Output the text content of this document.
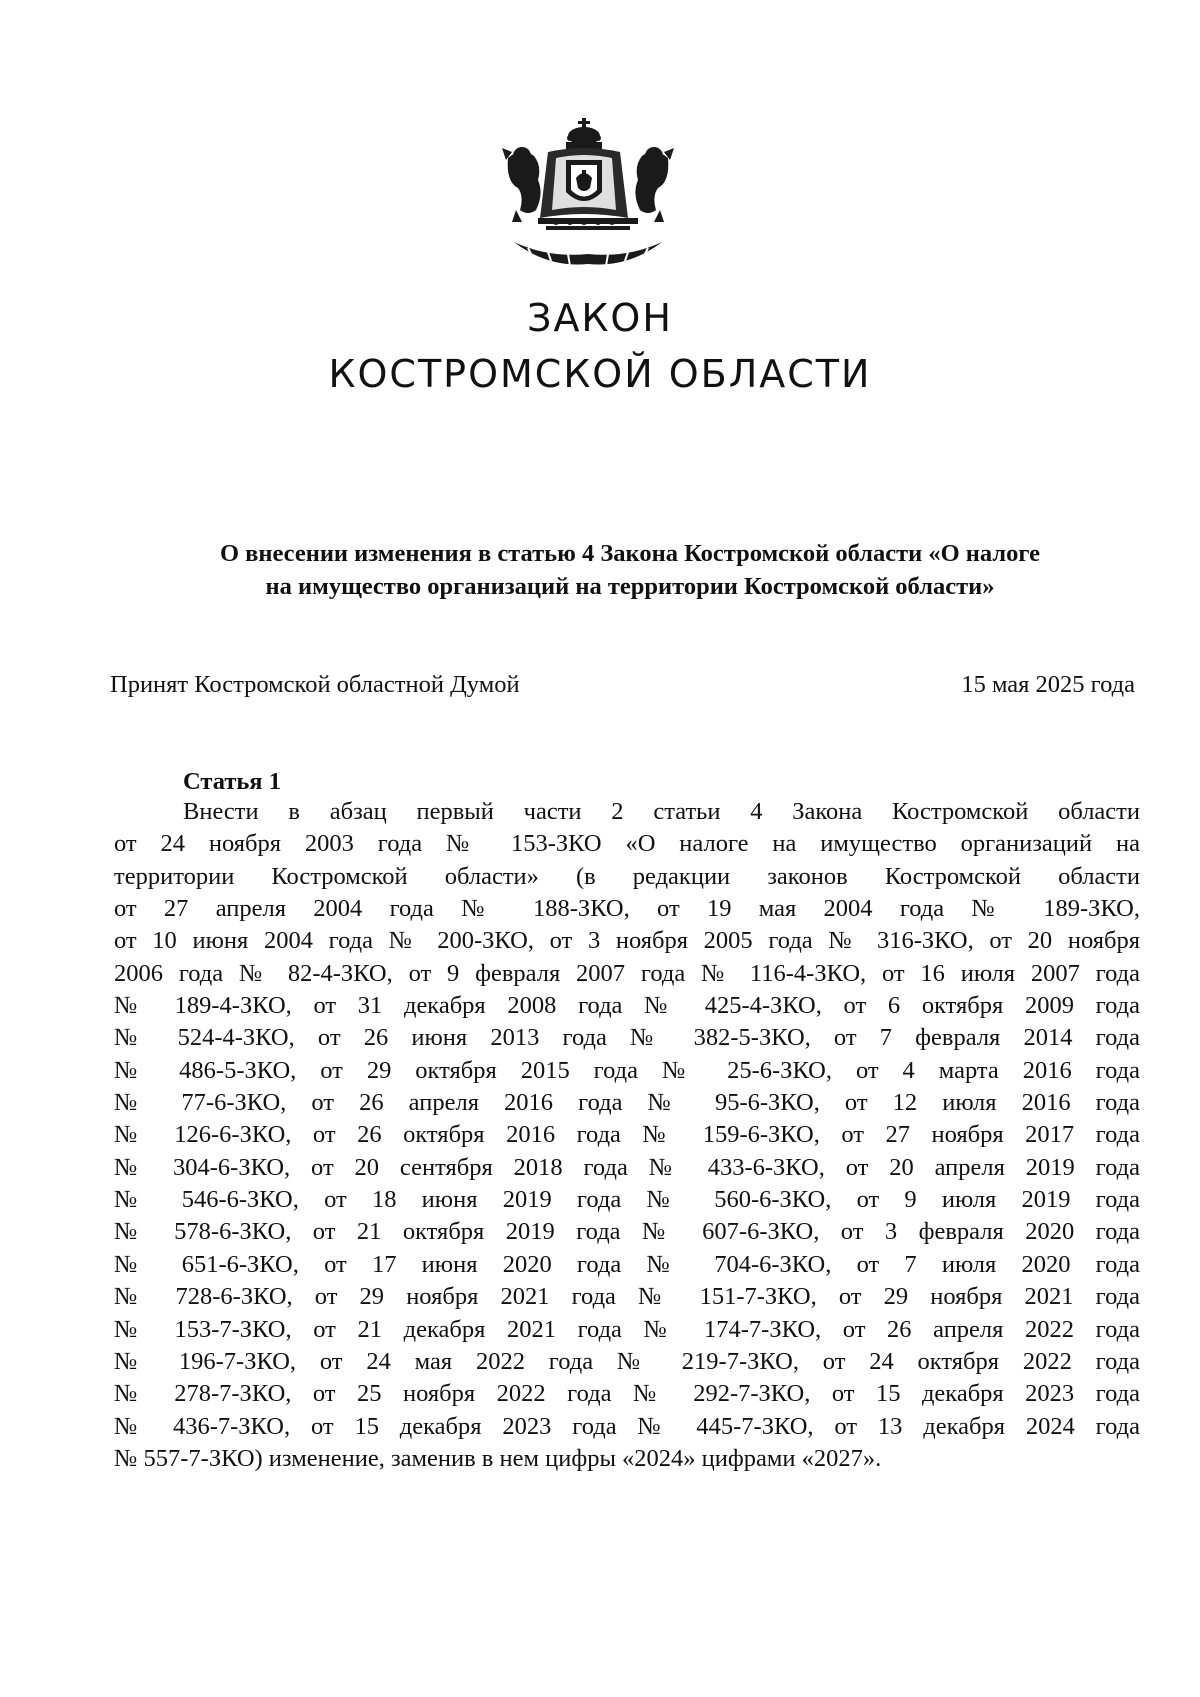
ЗАКОН
КОСТРОМСКОЙ ОБЛАСТИ
О внесении изменения в статью 4 Закона Костромской области «О налоге
на имущество организаций на территории Костромской области»
Принят Костромской областной Думой	15 мая 2025 года
Статья 1
Внести в абзац первый части 2 статьи 4 Закона Костромской области
от 24 ноября 2003 года № 153-ЗКО «О налоге на имущество организаций на
территории Костромской области» (в редакции законов Костромской области
от 27 апреля 2004 года № 188-ЗКО, от 19 мая 2004 года № 189-ЗКО,
от 10 июня 2004 года № 200-ЗКО, от 3 ноября 2005 года № 316-ЗКО, от 20 ноября
2006 года № 82-4-ЗКО, от 9 февраля 2007 года № 116-4-ЗКО, от 16 июля 2007 года
№ 189-4-ЗКО, от 31 декабря 2008 года № 425-4-ЗКО, от 6 октября 2009 года
№ 524-4-ЗКО, от 26 июня 2013 года № 382-5-ЗКО, от 7 февраля 2014 года
№ 486-5-ЗКО, от 29 октября 2015 года № 25-6-ЗКО, от 4 марта 2016 года
№ 77-6-ЗКО, от 26 апреля 2016 года № 95-6-ЗКО, от 12 июля 2016 года
№ 126-6-ЗКО, от 26 октября 2016 года № 159-6-ЗКО, от 27 ноября 2017 года
№ 304-6-ЗКО, от 20 сентября 2018 года № 433-6-ЗКО, от 20 апреля 2019 года
№ 546-6-ЗКО, от 18 июня 2019 года № 560-6-ЗКО, от 9 июля 2019 года
№ 578-6-ЗКО, от 21 октября 2019 года № 607-6-ЗКО, от 3 февраля 2020 года
№ 651-6-ЗКО, от 17 июня 2020 года № 704-6-ЗКО, от 7 июля 2020 года
№ 728-6-ЗКО, от 29 ноября 2021 года № 151-7-ЗКО, от 29 ноября 2021 года
№ 153-7-ЗКО, от 21 декабря 2021 года № 174-7-ЗКО, от 26 апреля 2022 года
№ 196-7-ЗКО, от 24 мая 2022 года № 219-7-ЗКО, от 24 октября 2022 года
№ 278-7-ЗКО, от 25 ноября 2022 года № 292-7-ЗКО, от 15 декабря 2023 года
№ 436-7-ЗКО, от 15 декабря 2023 года № 445-7-ЗКО, от 13 декабря 2024 года
№ 557-7-ЗКО) изменение, заменив в нем цифры «2024» цифрами «2027».
